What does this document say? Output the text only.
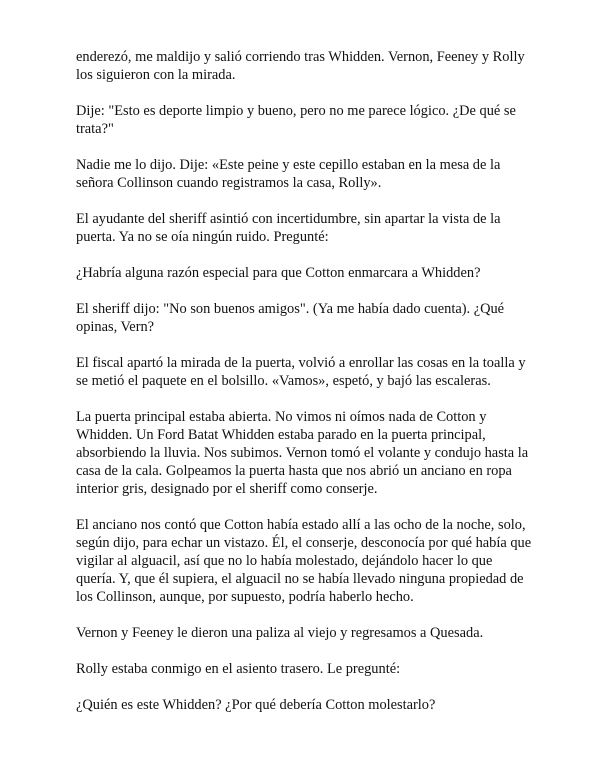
enderezó, me maldijo y salió corriendo tras Whidden. Vernon, Feeney y Rolly los siguieron con la mirada.

Dije: "Esto es deporte limpio y bueno, pero no me parece lógico. ¿De qué se trata?"

Nadie me lo dijo. Dije: «Este peine y este cepillo estaban en la mesa de la señora Collinson cuando registramos la casa, Rolly».

El ayudante del sheriff asintió con incertidumbre, sin apartar la vista de la puerta. Ya no se oía ningún ruido. Pregunté:

¿Habría alguna razón especial para que Cotton enmarcara a Whidden?

El sheriff dijo: "No son buenos amigos". (Ya me había dado cuenta). ¿Qué opinas, Vern?

El fiscal apartó la mirada de la puerta, volvió a enrollar las cosas en la toalla y se metió el paquete en el bolsillo. «Vamos», espetó, y bajó las escaleras.

La puerta principal estaba abierta. No vimos ni oímos nada de Cotton y Whidden. Un Ford Batat Whidden estaba parado en la puerta principal, absorbiendo la lluvia. Nos subimos. Vernon tomó el volante y condujo hasta la casa de la cala. Golpeamos la puerta hasta que nos abrió un anciano en ropa interior gris, designado por el sheriff como conserje.

El anciano nos contó que Cotton había estado allí a las ocho de la noche, solo, según dijo, para echar un vistazo. Él, el conserje, desconocía por qué había que vigilar al alguacil, así que no lo había molestado, dejándolo hacer lo que quería. Y, que él supiera, el alguacil no se había llevado ninguna propiedad de los Collinson, aunque, por supuesto, podría haberlo hecho.

Vernon y Feeney le dieron una paliza al viejo y regresamos a Quesada.

Rolly estaba conmigo en el asiento trasero. Le pregunté:

¿Quién es este Whidden? ¿Por qué debería Cotton molestarlo?
